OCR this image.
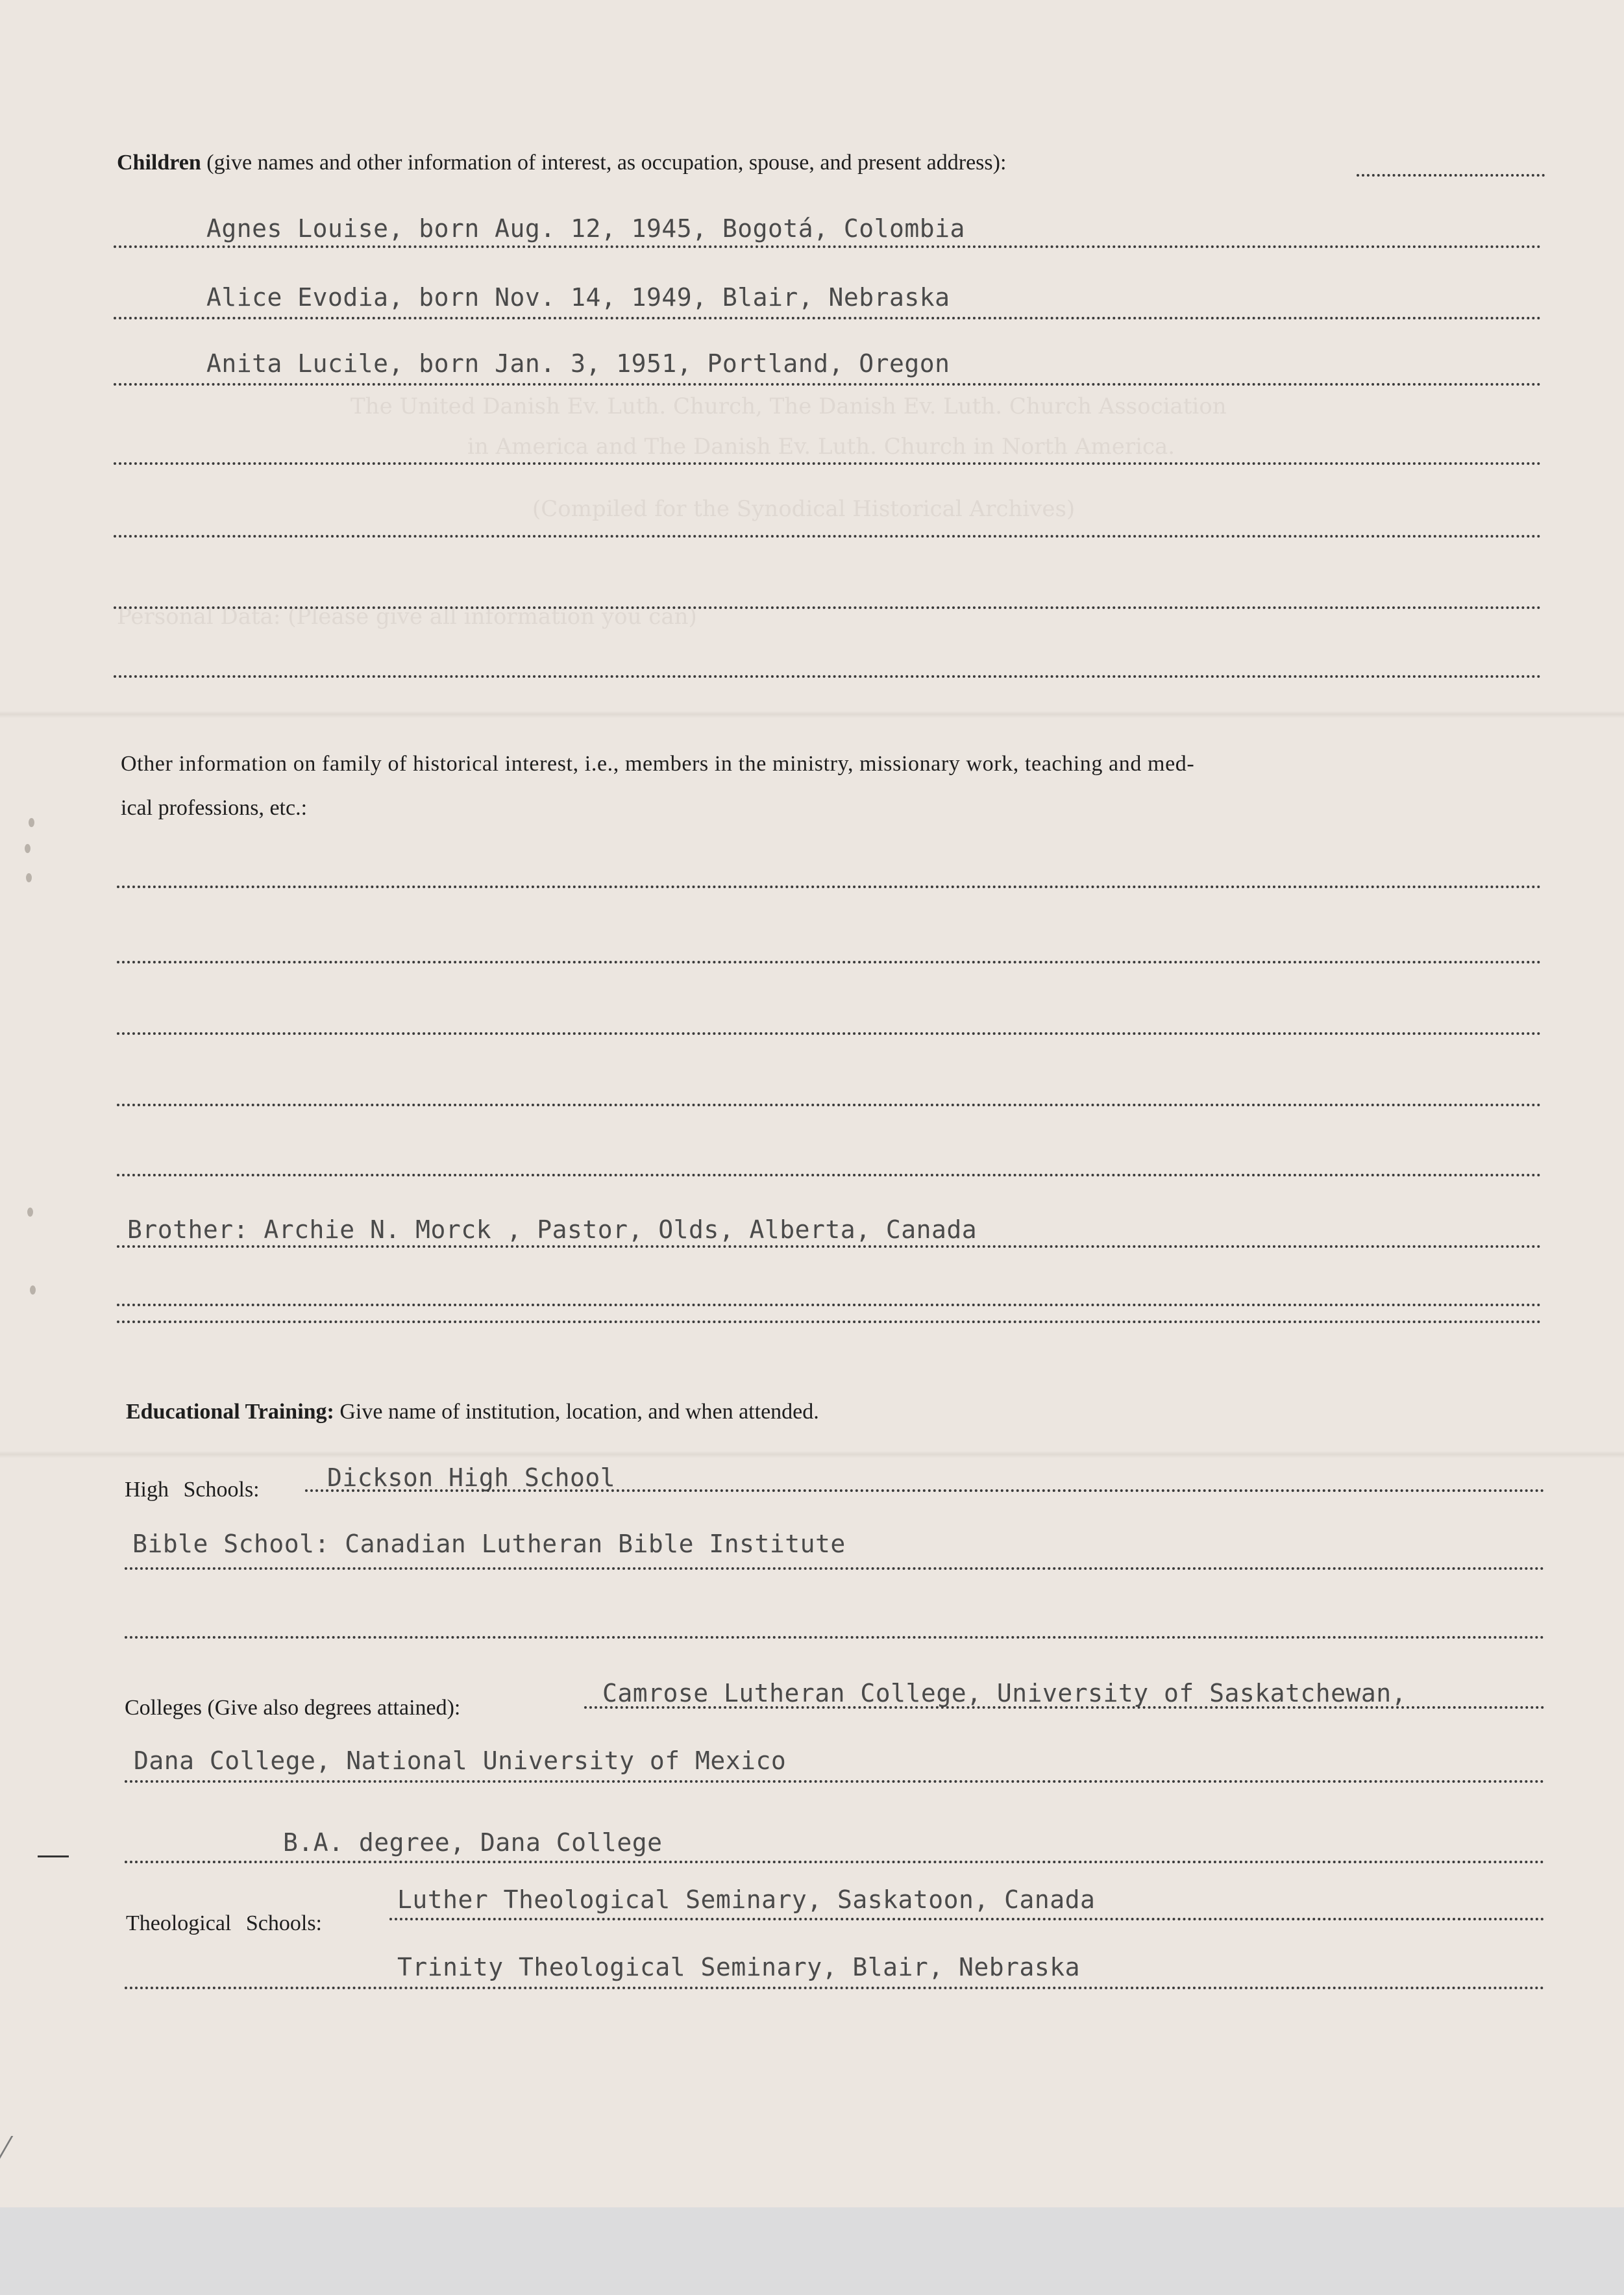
The United Danish Ev. Luth. Church, The Danish Ev. Luth. Church Association
in America and The Danish Ev. Luth. Church in North America.
(Compiled for the Synodical Historical Archives)
Personal Data: (Please give all information you can)
Children (give names and other information of interest, as occupation, spouse, and present address):
Agnes Louise, born Aug. 12, 1945, Bogotá, Colombia
Alice Evodia, born Nov. 14, 1949, Blair, Nebraska
Anita Lucile, born Jan. 3, 1951, Portland, Oregon
Other information on family of historical interest, i.e., members in the ministry, missionary work, teaching and med-
ical professions, etc.:
Brother: Archie N. Morck , Pastor, Olds, Alberta, Canada
Educational Training: Give name of institution, location, and when attended.
High Schools:	Dickson High School
Bible School: Canadian Lutheran Bible Institute
Colleges (Give also degrees attained):
Camrose Lutheran College, University of Saskatchewan,
Dana College, National University of Mexico
B.A. degree, Dana College
Theological Schools:
Luther Theological Seminary, Saskatoon, Canada
Trinity Theological Seminary, Blair, Nebraska
